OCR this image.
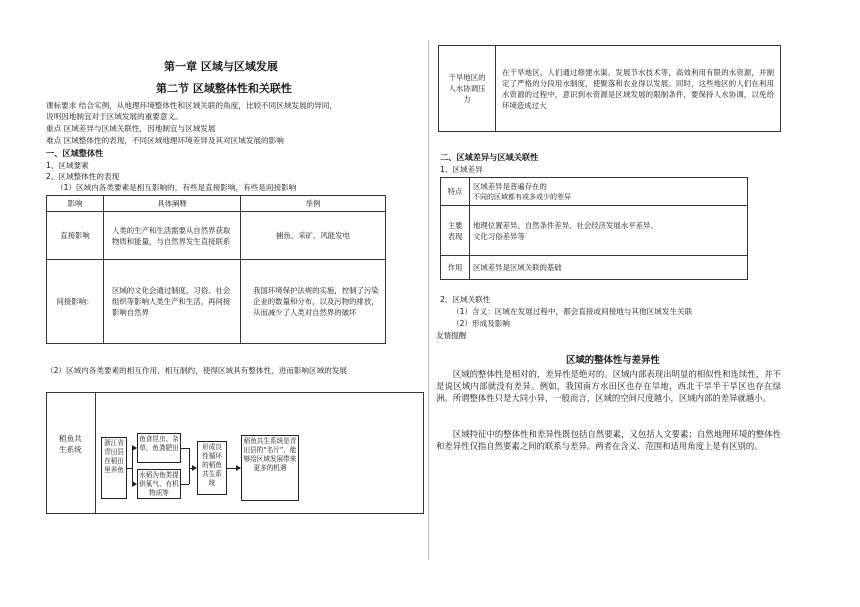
第一章 区域与区域发展
第二节 区域整体性和关联性
课标要求 结合实例，从地理环境整体性和区域关联的角度，比较不同区域发展的异同，
说明因地制宜对于区域发展的重要意义。
重点 区域差异与区域关联性，因地制宜与区域发展
难点 区域整体性的表现，不同区域地理环境差异及其对区域发展的影响
一、区域整体性
1、区域要素
2、区域整体性的表现
（1）区域内各类要素是相互影响的，有些是直接影响，有些是间接影响
影响	具体阐释	举例
直接影响	人类的生产和生活需要从自然界获取物质和能量，与自然界发生直接联系	捕鱼、采矿、风能发电
间接影响：	区域的文化会通过制度、习俗、社会组织等影响人类生产和生活，再间接影响自然界	我国环境保护法规的实施，控制了污染企业的数量和分布，以及污物的排放，从而减少了人类对自然界的破坏
（2）区域内各类要素的相互作用、相互制约，使得区域具有整体性，进而影响区域的发展
稻鱼共生系统
浙江省青田县在稻田里养鱼
鱼食昆虫、杂草，鱼粪肥田
水稻为鱼类提供氧气、有机物质等
形成良性循环的稻鱼共生系统
稻鱼共生系统是青田县的“名片”，能够给区域发展带来更多的机遇
干旱地区的人水协调压力	在干旱地区，人们通过修建水渠、发展节水技术等，高效利用有限的水资源，并制定了严格的分段用水制度，使聚落和农业得以发展。同时，这些地区的人们在利用水资源的过程中，意识到水资源是区域发展的限制条件，要保持人水协调，以免给环境造成过大
二、区域差异与区域关联性
1、区域差异
特点	区域差异是普遍存在的
不同的区域都有或多或少的差异

主要表现	地理位置差异、自然条件差异、社会经济发展水平差异、
文化习俗差异等

作用	区域差异是区域关联的基础
2、区域关联性
（1）含义：区域在发展过程中，都会直接或间接地与其他区域发生关联
（2）形成及影响
友情提醒
区域的整体性与差异性
区域的整体性是相对的，差异性是绝对的。区域内部表现出明显的相似性和连续性，并不是说区域内部就没有差异。例如，我国南方水田区也存在旱地，西北干旱半干旱区也存在绿洲。所谓整体性只是大同小异，一般而言，区域的空间尺度越小，区域内部的差异就越小。
区域特征中的整体性和差异性既包括自然要素，又包括人文要素；自然地理环境的整体性和差异性仅指自然要素之间的联系与差异。两者在含义、范围和适用角度上是有区别的。
